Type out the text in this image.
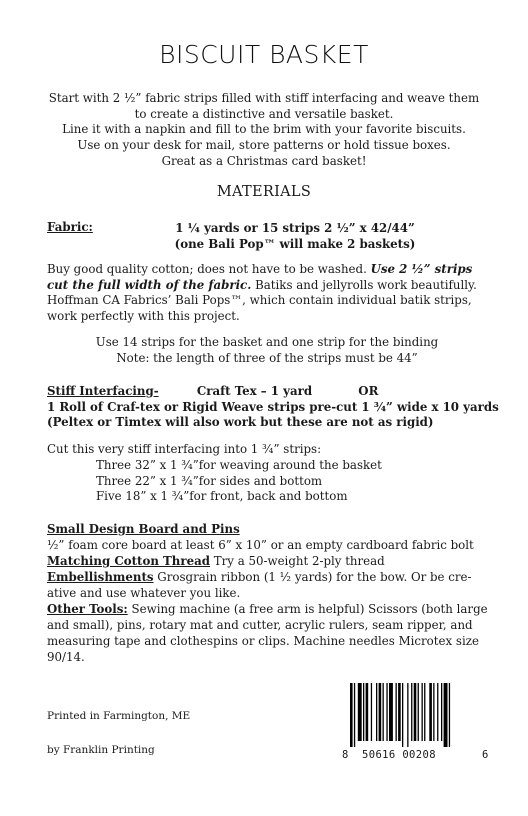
BISCUIT BASKET
Start with 2 ½” fabric strips filled with stiff interfacing and weave them
to create a distinctive and versatile basket.
Line it with a napkin and fill to the brim with your favorite biscuits.
Use on your desk for mail, store patterns or hold tissue boxes.
Great as a Christmas card basket!
MATERIALS
Fabric:	1 ¼ yards or 15 strips 2 ½” x 42/44”
(one Bali Pop™ will make 2 baskets)
Buy good quality cotton; does not have to be washed. Use 2 ½” strips
cut the full width of the fabric. Batiks and jellyrolls work beautifully.
Hoffman CA Fabrics’ Bali Pops™, which contain individual batik strips,
work perfectly with this project.
Use 14 strips for the basket and one strip for the binding
Note: the length of three of the strips must be 44”
Stiff Interfacing-	Craft Tex – 1 yard	OR
1 Roll of Craf-tex or Rigid Weave strips pre-cut 1 ¾” wide x 10 yards
(Peltex or Timtex will also work but these are not as rigid)
Cut this very stiff interfacing into 1 ¾” strips:
Three 32” x 1 ¾”for weaving around the basket
Three 22” x 1 ¾”for sides and bottom
Five 18” x 1 ¾”for front, back and bottom
Small Design Board and Pins
½” foam core board at least 6” x 10” or an empty cardboard fabric bolt
Matching Cotton Thread Try a 50-weight 2-ply thread
Embellishments Grosgrain ribbon (1 ½ yards) for the bow. Or be cre-
ative and use whatever you like.
Other Tools: Sewing machine (a free arm is helpful) Scissors (both large
and small), pins, rotary mat and cutter, acrylic rulers, seam ripper, and
measuring tape and clothespins or clips. Machine needles Microtex size
90/14.
Printed in Farmington, ME
by Franklin Printing	8 50616 00208	6
